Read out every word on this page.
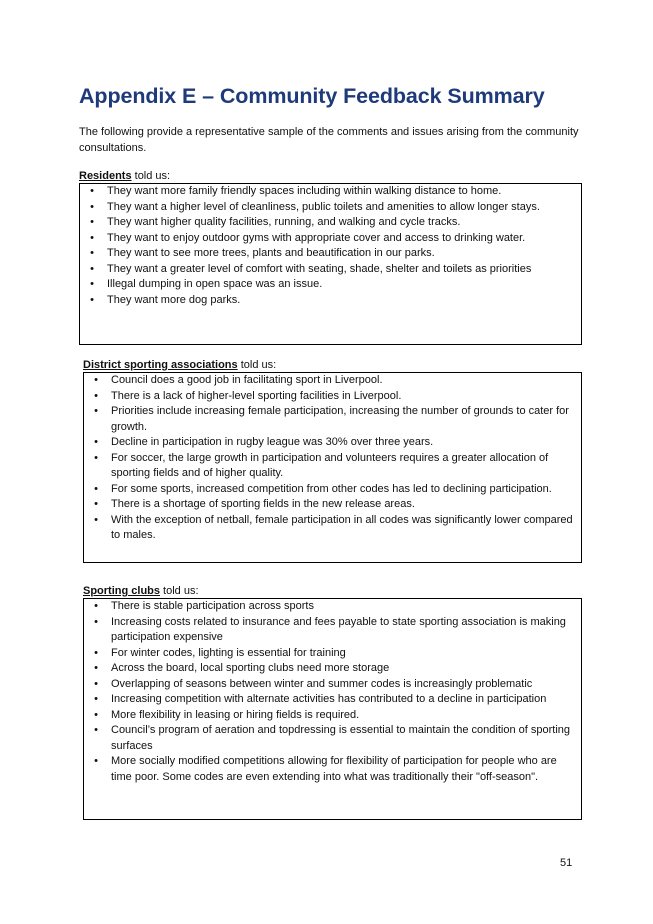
Appendix E – Community Feedback Summary

The following provide a representative sample of the comments and issues arising from the community consultations.

Residents told us:

• They want more family friendly spaces including within walking distance to home.
• They want a higher level of cleanliness, public toilets and amenities to allow longer stays.
• They want higher quality facilities, running, and walking and cycle tracks.
• They want to enjoy outdoor gyms with appropriate cover and access to drinking water.
• They want to see more trees, plants and beautification in our parks.
• They want a greater level of comfort with seating, shade, shelter and toilets as priorities
• Illegal dumping in open space was an issue.
• They want more dog parks.

District sporting associations told us:

• Council does a good job in facilitating sport in Liverpool.
• There is a lack of higher-level sporting facilities in Liverpool.
• Priorities include increasing female participation, increasing the number of grounds to cater for growth.
• Decline in participation in rugby league was 30% over three years.
• For soccer, the large growth in participation and volunteers requires a greater allocation of sporting fields and of higher quality.
• For some sports, increased competition from other codes has led to declining participation.
• There is a shortage of sporting fields in the new release areas.
• With the exception of netball, female participation in all codes was significantly lower compared to males.

Sporting clubs told us:

• There is stable participation across sports
• Increasing costs related to insurance and fees payable to state sporting association is making participation expensive
• For winter codes, lighting is essential for training
• Across the board, local sporting clubs need more storage
• Overlapping of seasons between winter and summer codes is increasingly problematic
• Increasing competition with alternate activities has contributed to a decline in participation
• More flexibility in leasing or hiring fields is required.
• Council’s program of aeration and topdressing is essential to maintain the condition of sporting surfaces
• More socially modified competitions allowing for flexibility of participation for people who are time poor. Some codes are even extending into what was traditionally their "off-season".
51
